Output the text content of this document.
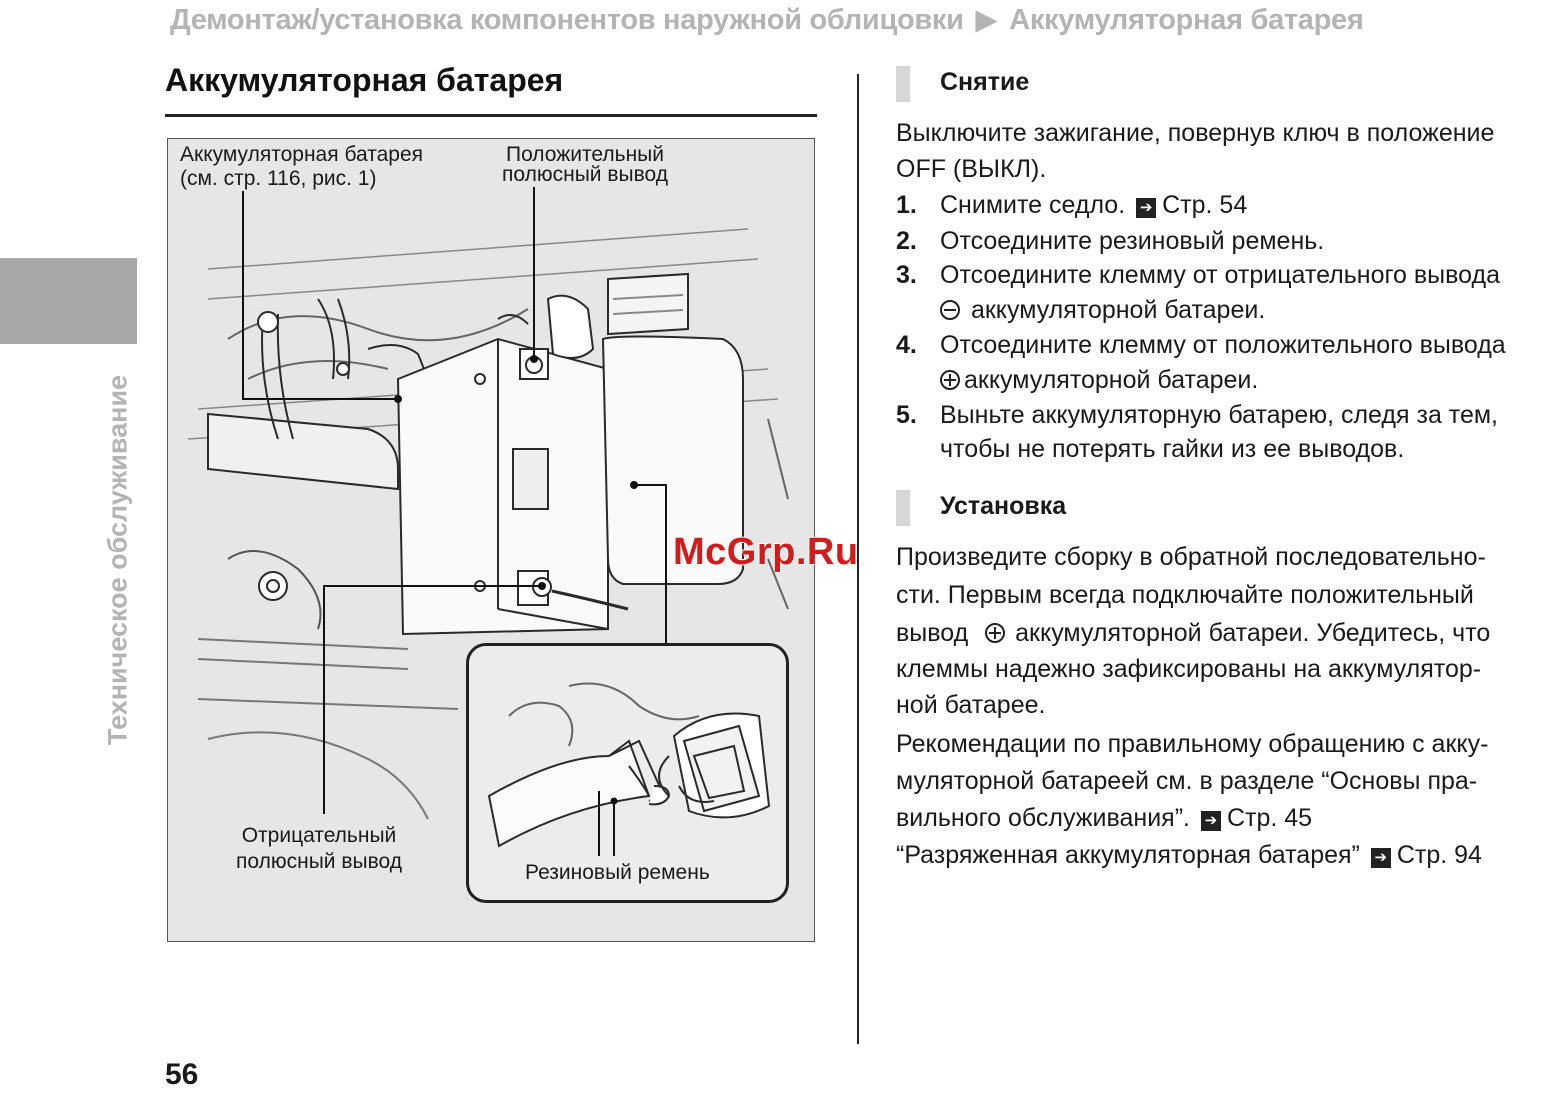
Демонтаж/установка компонентов наружной облицовки ▶ Аккумуляторная батарея
Техническое обслуживание
Аккумуляторная батарея
Аккумуляторная батарея
(см. стр. 116, рис. 1)
Положительный
полюсный вывод
Отрицательный
полюсный вывод	Резиновый ремень
Снятие
Выключите зажигание, повернув ключ в положение
OFF (ВЫКЛ).
1. Снимите седло. ➔ Стр. 54
2. Отсоедините резиновый ремень.
3. Отсоедините клемму от отрицательного вывода
аккумуляторной батареи.
4. Отсоедините клемму от положительного вывода
аккумуляторной батареи.
5. Выньте аккумуляторную батарею, следя за тем,
чтобы не потерять гайки из ее выводов.
Установка
Произведите сборку в обратной последовательно-
сти. Первым всегда подключайте положительный
вывод аккумуляторной батареи. Убедитесь, что
клеммы надежно зафиксированы на аккумулятор-
ной батарее.
Рекомендации по правильному обращению с акку-
муляторной батареей см. в разделе “Основы пра-
вильного обслуживания”. ➔ Стр. 45
“Разряженная аккумуляторная батарея” ➔ Стр. 94
McGrp.Ru
56
